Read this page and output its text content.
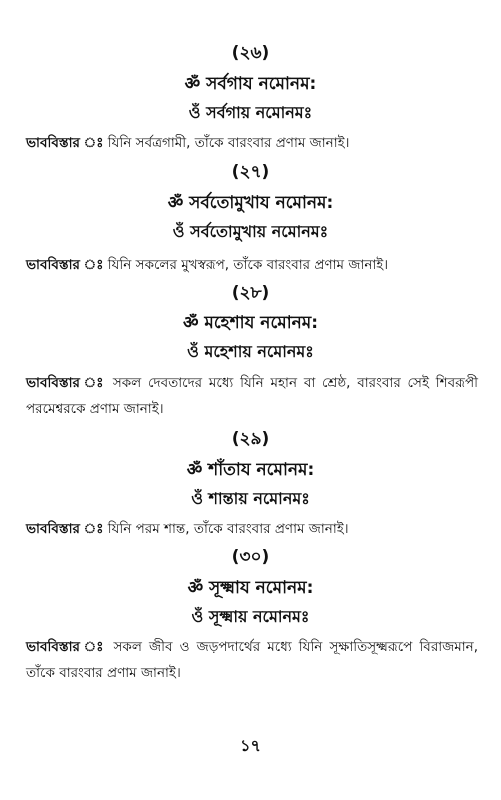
(২৬)
ॐ সর্বগায নমোনম:
ওঁ সর্বগায় নমোনমঃ
ভাববিস্তার ঃ যিনি সর্বত্রগামী, তাঁকে বারংবার প্রণাম জানাই।
(২৭)
ॐ সর্বতোমুখায নমোনম:
ওঁ সর্বতোমুখায় নমোনমঃ
ভাববিস্তার ঃ যিনি সকলের মুখস্বরূপ, তাঁকে বারংবার প্রণাম জানাই।
(২৮)
ॐ মহেশায নমোনম:
ওঁ মহেশায় নমোনমঃ
ভাববিস্তার ঃ সকল দেবতাদের মধ্যে যিনি মহান বা শ্রেষ্ঠ, বারংবার সেই শিবরূপী পরমেশ্বরকে প্রণাম জানাই।
(২৯)
ॐ শাঁতায নমোনম:
ওঁ শান্তায় নমোনমঃ
ভাববিস্তার ঃ যিনি পরম শান্ত, তাঁকে বারংবার প্রণাম জানাই।
(৩০)
ॐ সূক্ষ্মায নমোনম:
ওঁ সূক্ষ্মায় নমোনমঃ
ভাববিস্তার ঃ সকল জীব ও জড়পদার্থের মধ্যে যিনি সূক্ষাতিসূক্ষ্মরূপে বিরাজমান, তাঁকে বারংবার প্রণাম জানাই।
১৭
